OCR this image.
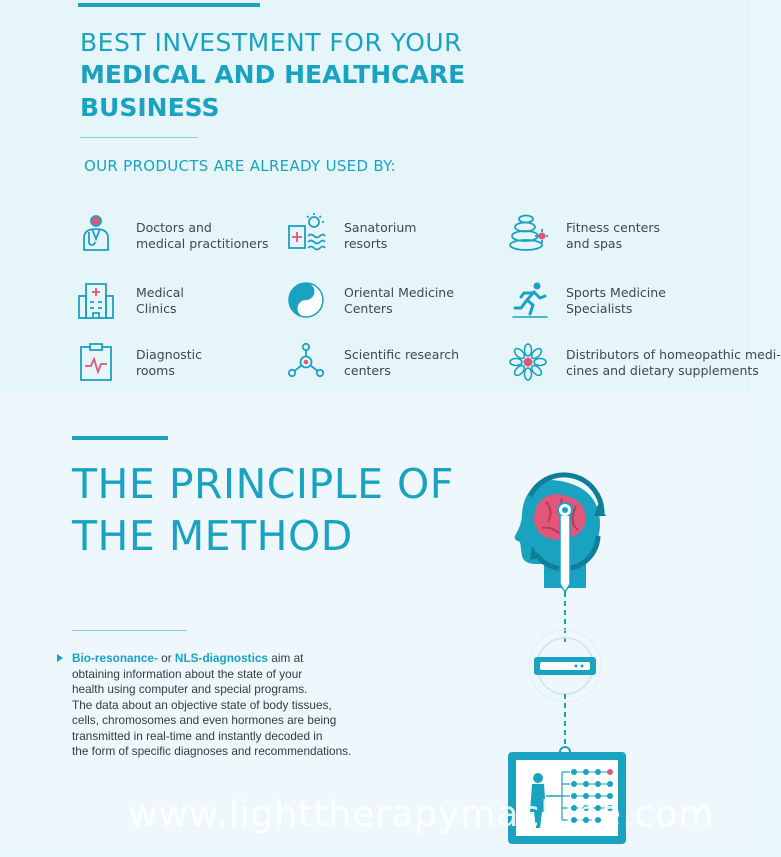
BEST INVESTMENT FOR YOUR
MEDICAL AND HEALTHCARE
BUSINESS
OUR PRODUCTS ARE ALREADY USED BY:
Doctors and
medical practitioners
Sanatorium
resorts
Fitness centers
and spas
Medical
Clinics
Oriental Medicine
Centers
Sports Medicine
Specialists
Diagnostic
rooms
Scientific research
centers
Distributors of homeopathic medi-
cines and dietary supplements
THE PRINCIPLE OF
THE METHOD
Bio-resonance- or NLS-diagnostics aim at
obtaining information about the state of your
health using computer and special programs.
The data about an objective state of body tissues,
cells, chromosomes and even hormones are being
transmitted in real-time and instantly decoded in
the form of specific diagnoses and recommendations.
www.lighttherapymachine.com
